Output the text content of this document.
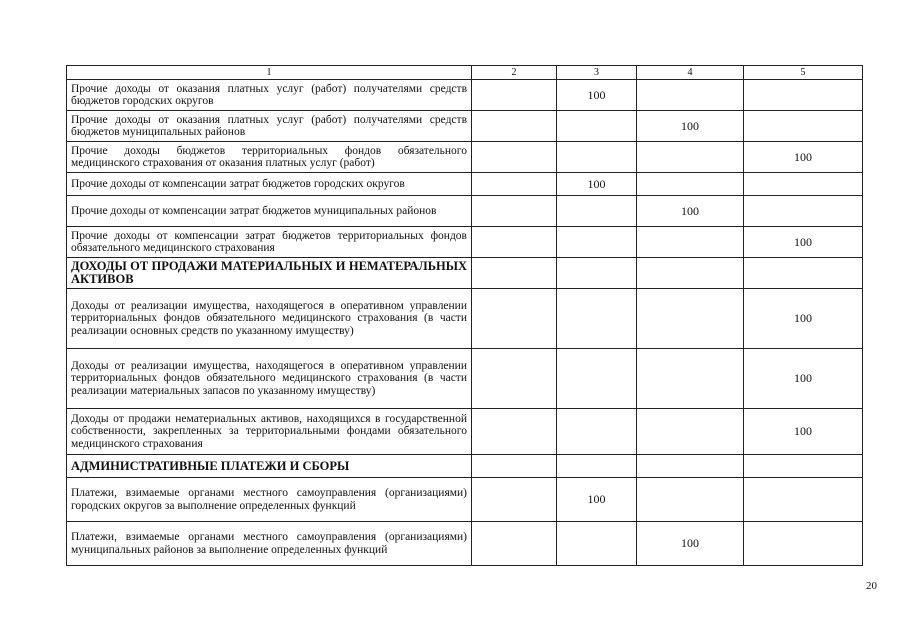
1	2	3	4	5
Прочие доходы от оказания платных услуг (работ) получателями средств бюджетов городских округов		100		
Прочие доходы от оказания платных услуг (работ) получателями средств бюджетов муниципальных районов			100	
Прочие доходы бюджетов территориальных фондов обязательного медицинского страхования от оказания платных услуг (работ)				100
Прочие доходы от компенсации затрат бюджетов городских округов		100		
Прочие доходы от компенсации затрат бюджетов муниципальных районов			100	
Прочие доходы от компенсации затрат бюджетов территориальных фондов обязательного медицинского страхования				100
ДОХОДЫ ОТ ПРОДАЖИ МАТЕРИАЛЬНЫХ И НЕМАТЕРАЛЬНЫХ АКТИВОВ				
Доходы от реализации имущества, находящегося в оперативном управлении территориальных фондов обязательного медицинского страхования (в части реализации основных средств по указанному имуществу)				100
Доходы от реализации имущества, находящегося в оперативном управлении территориальных фондов обязательного медицинского страхования (в части реализации материальных запасов по указанному имуществу)				100
Доходы от продажи нематериальных активов, находящихся в государственной собственности, закрепленных за территориальными фондами обязательного медицинского страхования				100
АДМИНИСТРАТИВНЫЕ ПЛАТЕЖИ И СБОРЫ				
Платежи, взимаемые органами местного самоуправления (организациями) городских округов за выполнение определенных функций		100		
Платежи, взимаемые органами местного самоуправления (организациями) муниципальных районов за выполнение определенных функций			100	
20
